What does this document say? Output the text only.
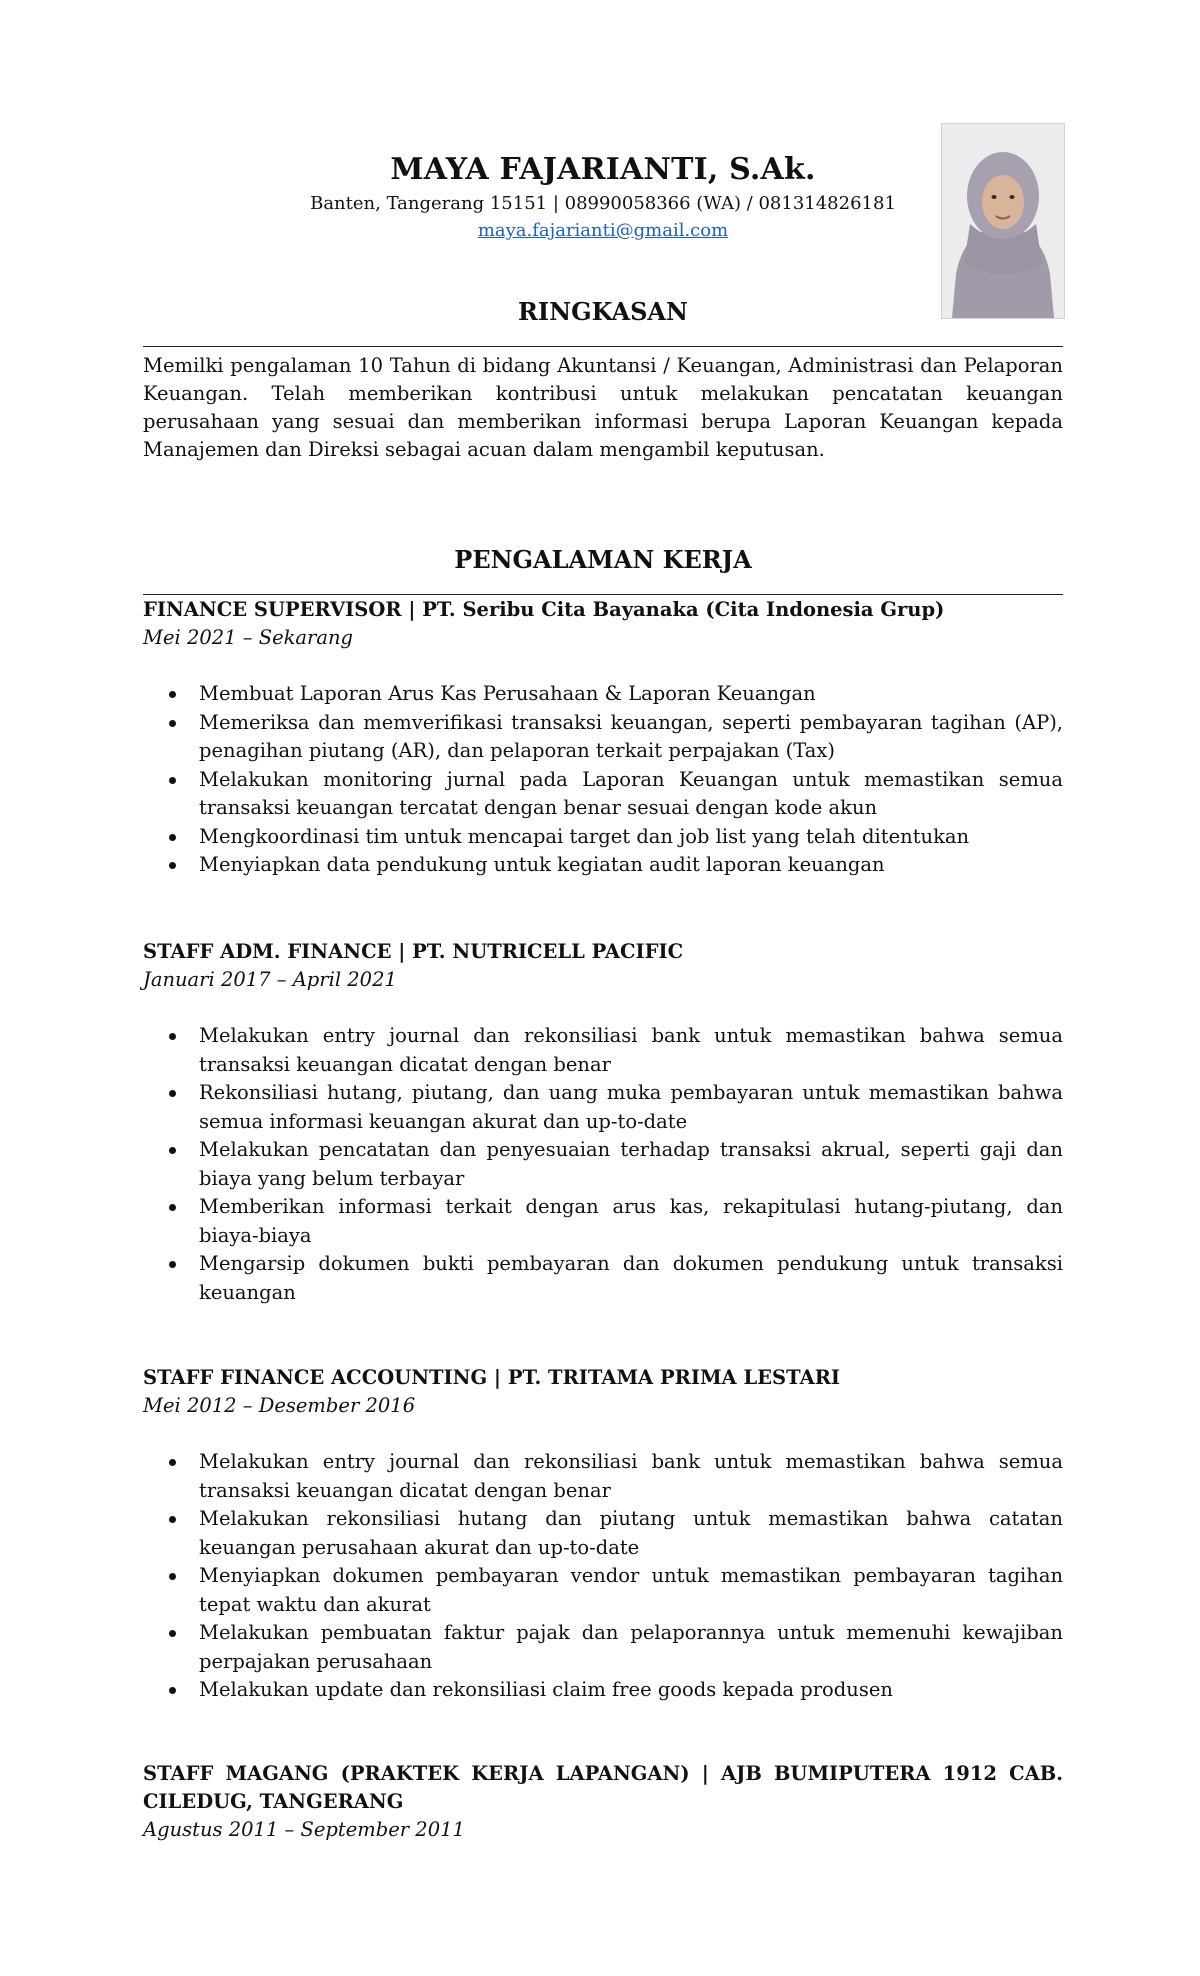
MAYA FAJARIANTI, S.Ak.

Banten, Tangerang 15151 | 08990058366 (WA) / 081314826181

maya.fajarianti@gmail.com

RINGKASAN

Memilki pengalaman 10 Tahun di bidang Akuntansi / Keuangan, Administrasi dan Pelaporan Keuangan. Telah memberikan kontribusi untuk melakukan pencatatan keuangan perusahaan yang sesuai dan memberikan informasi berupa Laporan Keuangan kepada Manajemen dan Direksi sebagai acuan dalam mengambil keputusan.

PENGALAMAN KERJA

FINANCE SUPERVISOR | PT. Seribu Cita Bayanaka (Cita Indonesia Grup)

Mei 2021 – Sekarang

Membuat Laporan Arus Kas Perusahaan & Laporan Keuangan
Memeriksa dan memverifikasi transaksi keuangan, seperti pembayaran tagihan (AP), penagihan piutang (AR), dan pelaporan terkait perpajakan (Tax)
Melakukan monitoring jurnal pada Laporan Keuangan untuk memastikan semua transaksi keuangan tercatat dengan benar sesuai dengan kode akun
Mengkoordinasi tim untuk mencapai target dan job list yang telah ditentukan
Menyiapkan data pendukung untuk kegiatan audit laporan keuangan

STAFF ADM. FINANCE | PT. NUTRICELL PACIFIC

Januari 2017 – April 2021

Melakukan entry journal dan rekonsiliasi bank untuk memastikan bahwa semua transaksi keuangan dicatat dengan benar
Rekonsiliasi hutang, piutang, dan uang muka pembayaran untuk memastikan bahwa semua informasi keuangan akurat dan up-to-date
Melakukan pencatatan dan penyesuaian terhadap transaksi akrual, seperti gaji dan biaya yang belum terbayar
Memberikan informasi terkait dengan arus kas, rekapitulasi hutang-piutang, dan biaya-biaya
Mengarsip dokumen bukti pembayaran dan dokumen pendukung untuk transaksi keuangan

STAFF FINANCE ACCOUNTING | PT. TRITAMA PRIMA LESTARI

Mei 2012 – Desember 2016

Melakukan entry journal dan rekonsiliasi bank untuk memastikan bahwa semua transaksi keuangan dicatat dengan benar
Melakukan rekonsiliasi hutang dan piutang untuk memastikan bahwa catatan keuangan perusahaan akurat dan up-to-date
Menyiapkan dokumen pembayaran vendor untuk memastikan pembayaran tagihan tepat waktu dan akurat
Melakukan pembuatan faktur pajak dan pelaporannya untuk memenuhi kewajiban perpajakan perusahaan
Melakukan update dan rekonsiliasi claim free goods kepada produsen

STAFF MAGANG (PRAKTEK KERJA LAPANGAN) | AJB BUMIPUTERA 1912 CAB. CILEDUG, TANGERANG

Agustus 2011 – September 2011
